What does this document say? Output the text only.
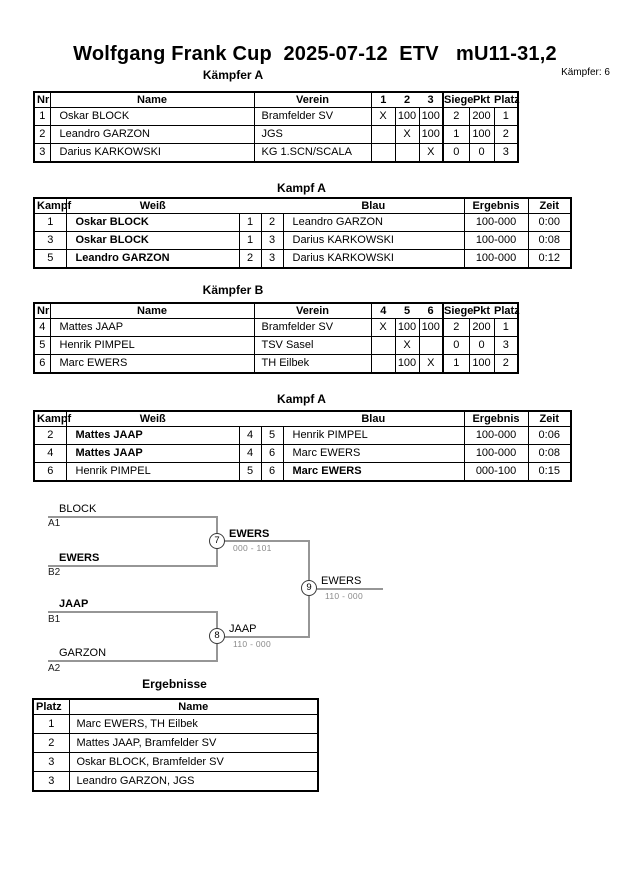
Wolfgang Frank Cup  2025-07-12  ETV   mU11-31,2
Kämpfer: 6
Kämpfer A
Nr	Name	Verein	1	2	3	Siege	Pkt	Platz
1	Oskar BLOCK	Bramfelder SV	X	100	100	2	200	1
2	Leandro GARZON	JGS		X	100	1	100	2
3	Darius KARKOWSKI	KG 1.SCN/SCALA			X	0	0	3
Kampf A
Kampf	Weiß			Blau	Ergebnis	Zeit
1	Oskar BLOCK	1	2	Leandro GARZON	100-000	0:00
3	Oskar BLOCK	1	3	Darius KARKOWSKI	100-000	0:08
5	Leandro GARZON	2	3	Darius KARKOWSKI	100-000	0:12
Kämpfer B
Nr	Name	Verein	4	5	6	Siege	Pkt	Platz
4	Mattes JAAP	Bramfelder SV	X	100	100	2	200	1
5	Henrik PIMPEL	TSV Sasel		X		0	0	3
6	Marc EWERS	TH Eilbek		100	X	1	100	2
Kampf A
Kampf	Weiß			Blau	Ergebnis	Zeit
2	Mattes JAAP	4	5	Henrik PIMPEL	100-000	0:06
4	Mattes JAAP	4	6	Marc EWERS	100-000	0:08
6	Henrik PIMPEL	5	6	Marc EWERS	000-100	0:15
BLOCK
A1
EWERS
B2
JAAP
B1
GARZON
A2
7
8
9
EWERS
000 - 101
JAAP
110 - 000
EWERS
110 - 000
Ergebnisse
Platz	Name
1	Marc EWERS, TH Eilbek
2	Mattes JAAP, Bramfelder SV
3	Oskar BLOCK, Bramfelder SV
3	Leandro GARZON, JGS
